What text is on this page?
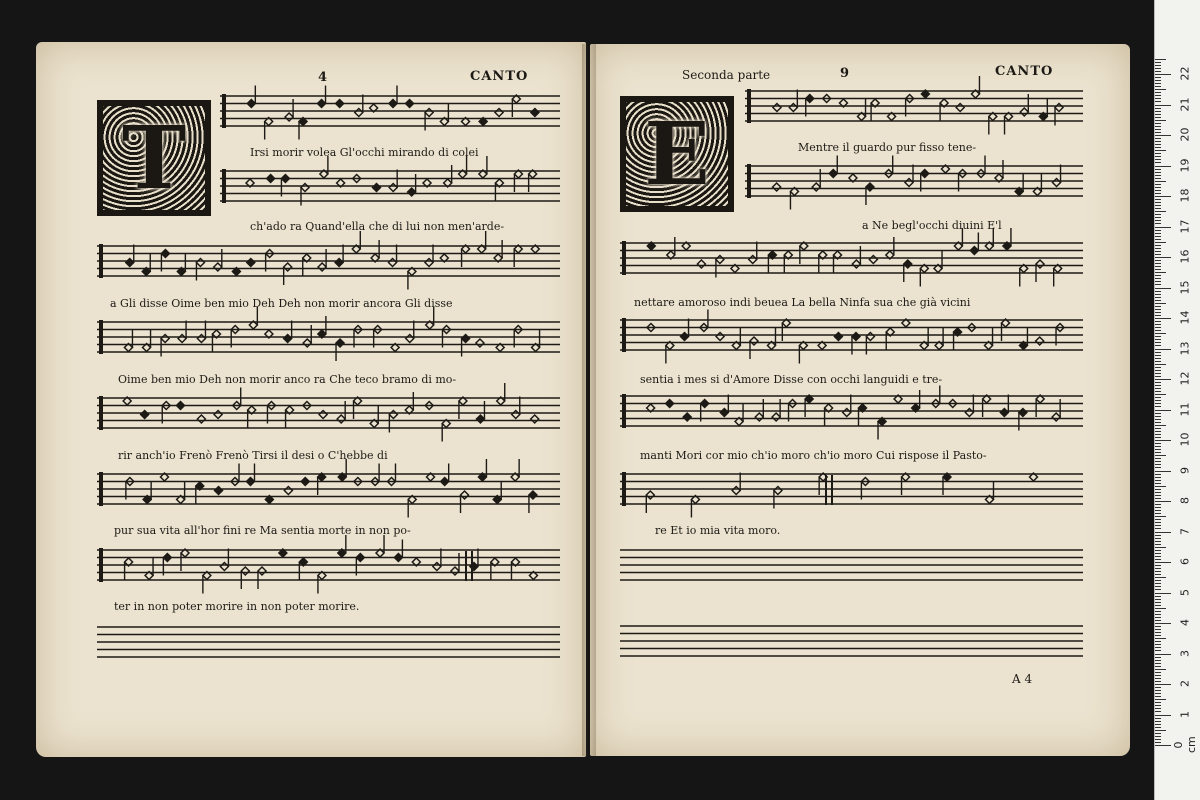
4	CANTO
T	Irsi morir volea Gl'occhi mirando di colei
ch'ado ra Quand'ella che di lui non men'arde-
a Gli disse Oime ben mio Deh Deh non morir ancora Gli disse
Oime ben mio Deh non morir anco ra Che teco bramo di mo-
rir anch'io Frenò Frenò Tirsi il desi o C'hebbe di
pur sua vita all'hor fini re Ma sentia morte in non po-
ter in non poter morire in non poter morire.
Seconda parte	9	CANTO
E	Mentre il guardo pur fisso tene-
a Ne begl'occhi diuini E'l
nettare amoroso indi beuea La bella Ninfa sua che già vicini
sentia i mes si d'Amore Disse con occhi languidi e tre-
manti Mori cor mio ch'io moro ch'io moro Cui rispose il Pasto-
re Et io mia vita moro.
A 4
0 cm
1
2
3
4
5
6
7
8
9
10
11
12
13
14
15
16
17
18
19
20
21
22
